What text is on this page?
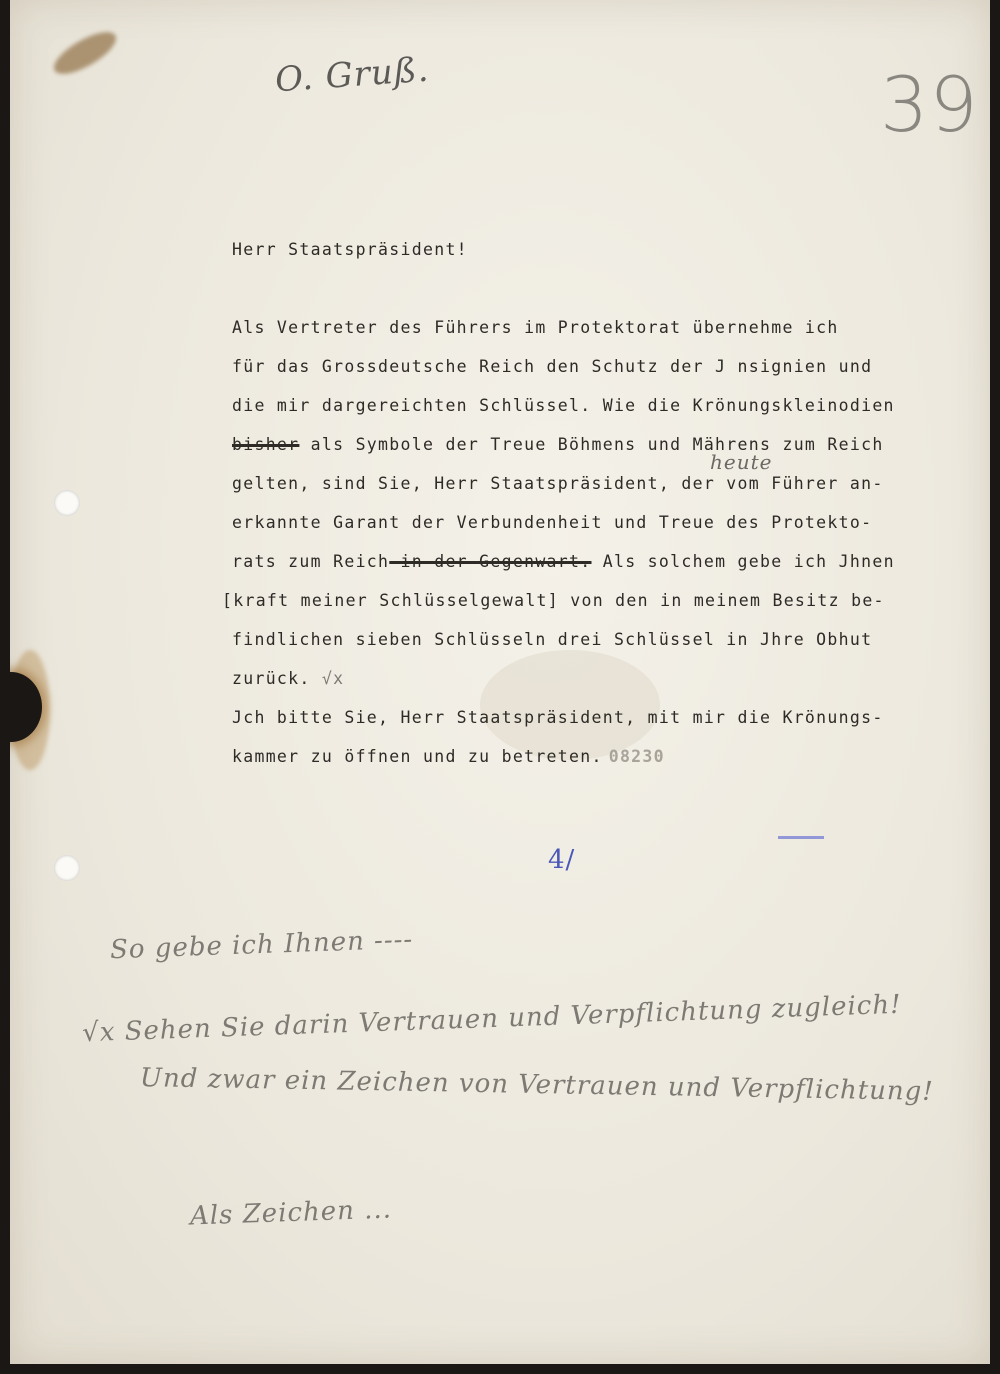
O. Gruß.	39
Herr Staatspräsident!
Als Vertreter des Führers im Protektorat übernehme ich
für das Grossdeutsche Reich den Schutz der J nsignien und
die mir dargereichten Schlüssel. Wie die Krönungskleinodien
bisher als Symbole der Treue Böhmens und Mährens zum Reich
heute
gelten, sind Sie, Herr Staatspräsident, der vom Führer an-
erkannte Garant der Verbundenheit und Treue des Protekto-
rats zum Reich in der Gegenwart. Als solchem gebe ich Jhnen
[kraft meiner Schlüsselgewalt] von den in meinem Besitz be-
findlichen sieben Schlüsseln drei Schlüssel in Jhre Obhut
zurück. √x
Jch bitte Sie, Herr Staatspräsident, mit mir die Krönungs-
kammer zu öffnen und zu betreten. 08230
4/
So gebe ich Ihnen ----
√x Sehen Sie darin Vertrauen und Verpflichtung zugleich!
Und zwar ein Zeichen von Vertrauen und Verpflichtung!
Als Zeichen ...
